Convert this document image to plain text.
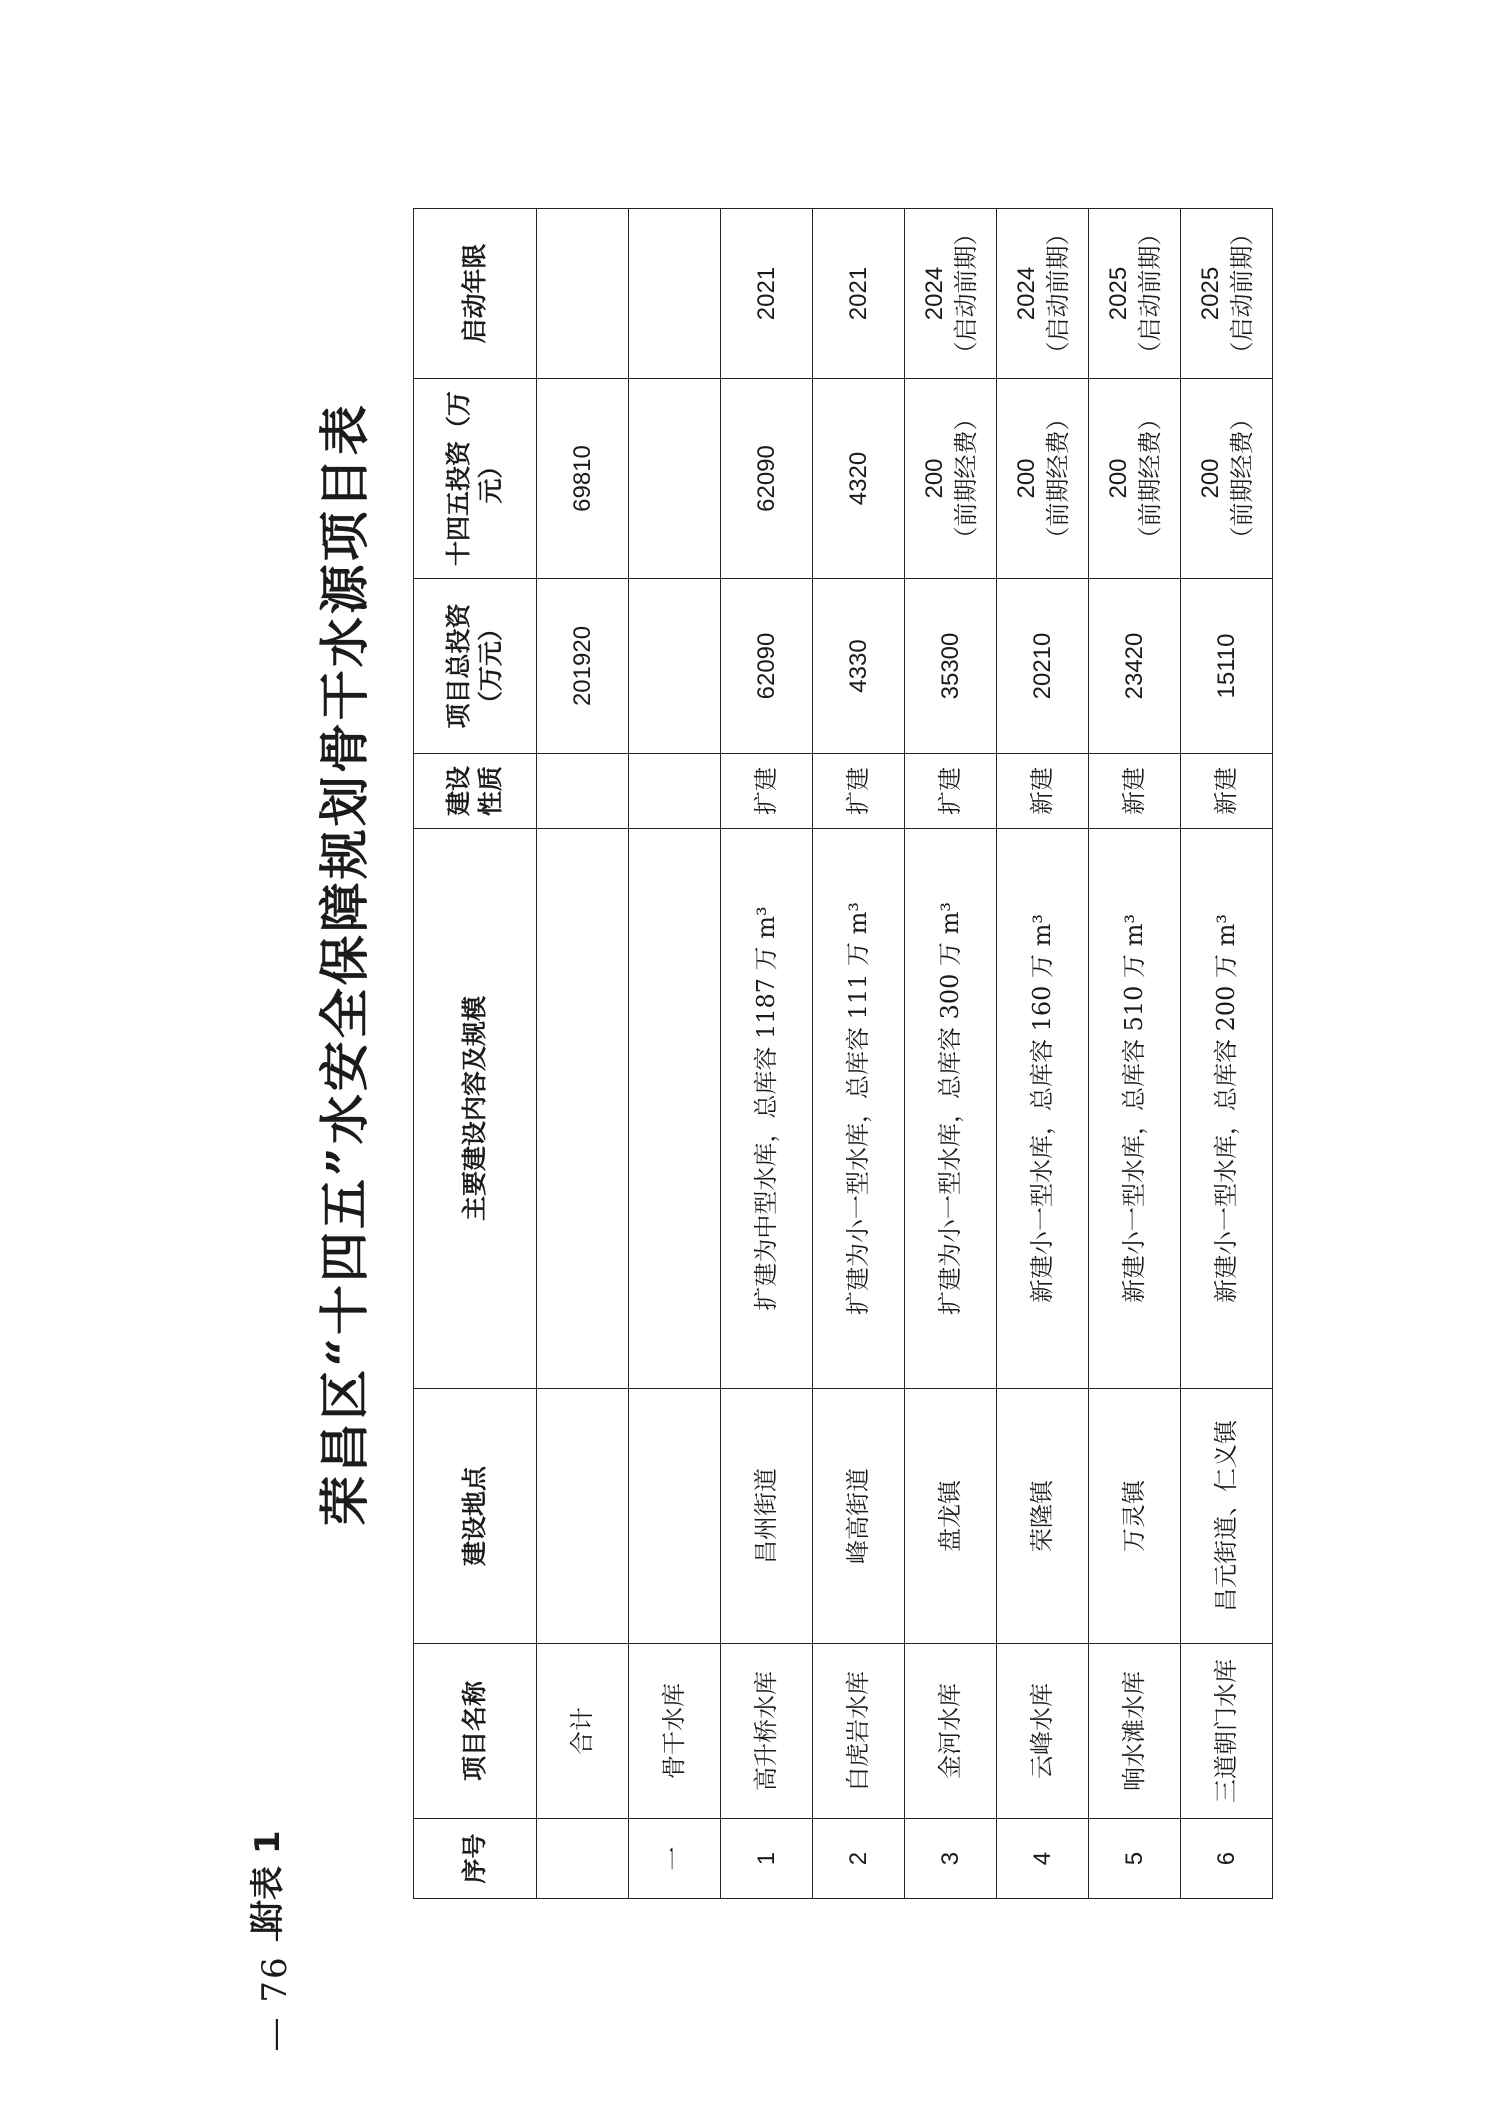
— 76 —
附表 1
荣昌区“十四五”水安全保障规划骨干水源项目表
序号	项目名称	建设地点	主要建设内容及规模	建设性质	项目总投资（万元）	十四五投资（万元）	启动年限

	合计				201920	69810	

一	骨干水库						

1	高升桥水库	昌州街道	扩建为中型水库，总库容 1187 万 m³	扩建	62090	62090	2021

2	白虎岩水库	峰高街道	扩建为小一型水库，总库容 111 万 m³	扩建	4330	4320	2021

3	金河水库	盘龙镇	扩建为小一型水库，总库容 300 万 m³	扩建	35300	200 （前期经费）	2024 （启动前期）

4	云峰水库	荣隆镇	新建小一型水库，总库容 160 万 m³	新建	20210	200 （前期经费）	2024 （启动前期）

5	响水滩水库	万灵镇	新建小一型水库，总库容 510 万 m³	新建	23420	200 （前期经费）	2025 （启动前期）

6	三道朝门水库	昌元街道、仁义镇	新建小一型水库，总库容 200 万 m³	新建	15110	200 （前期经费）	2025 （启动前期）
